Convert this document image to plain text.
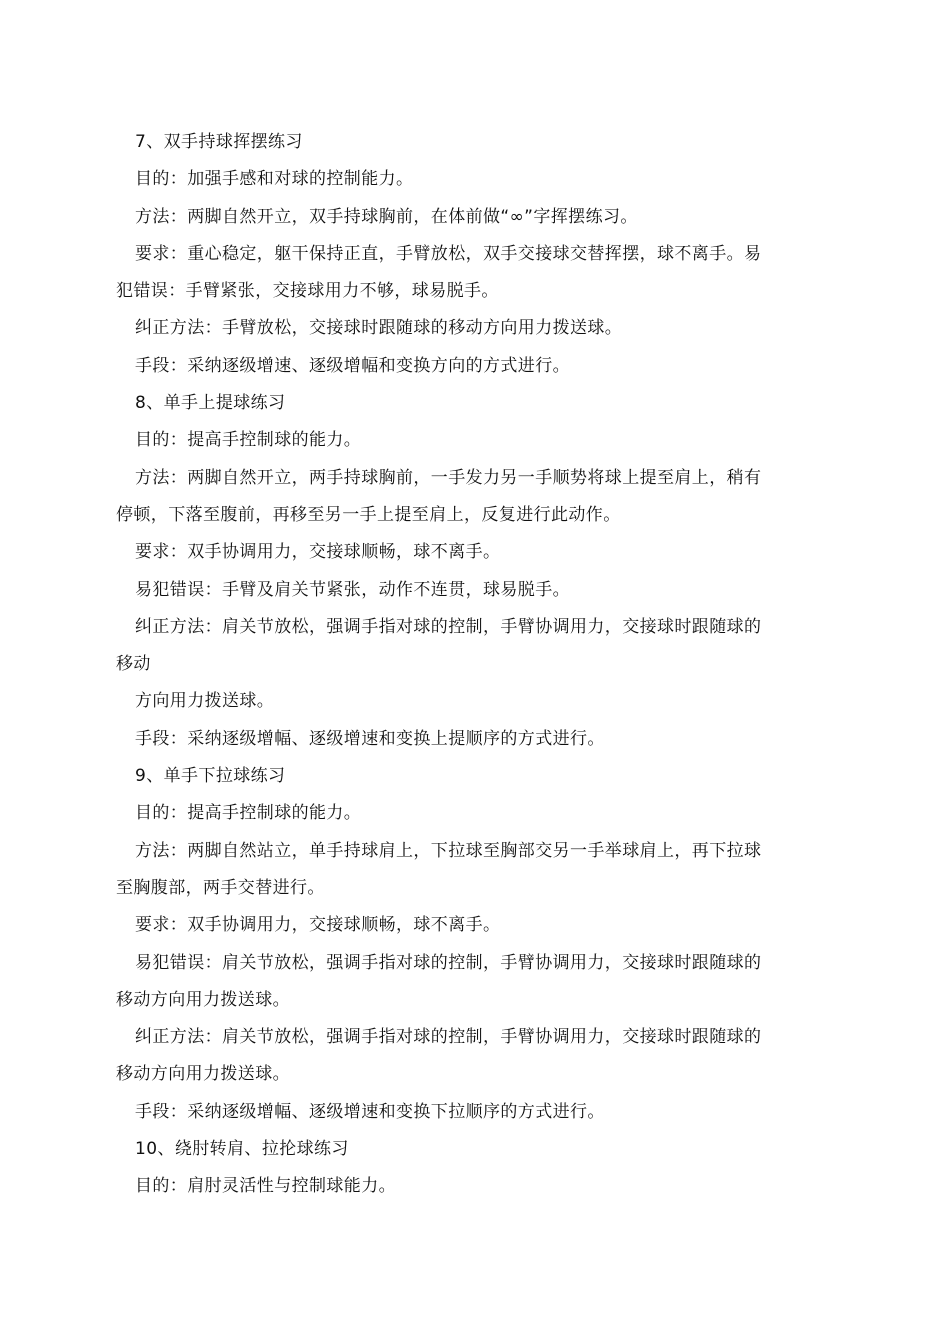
7、双手持球挥摆练习
目的：加强手感和对球的控制能力。
方法：两脚自然开立，双手持球胸前，在体前做“∞”字挥摆练习。
要求：重心稳定，躯干保持正直，手臂放松，双手交接球交替挥摆，球不离手。易
犯错误：手臂紧张，交接球用力不够，球易脱手。
纠正方法：手臂放松，交接球时跟随球的移动方向用力拨送球。
手段：采纳逐级增速、逐级增幅和变换方向的方式进行。
8、单手上提球练习
目的：提高手控制球的能力。
方法：两脚自然开立，两手持球胸前，一手发力另一手顺势将球上提至肩上，稍有
停顿，下落至腹前，再移至另一手上提至肩上，反复进行此动作。
要求：双手协调用力，交接球顺畅，球不离手。
易犯错误：手臂及肩关节紧张，动作不连贯，球易脱手。
纠正方法：肩关节放松，强调手指对球的控制，手臂协调用力，交接球时跟随球的
移动
方向用力拨送球。
手段：采纳逐级增幅、逐级增速和变换上提顺序的方式进行。
9、单手下拉球练习
目的：提高手控制球的能力。
方法：两脚自然站立，单手持球肩上，下拉球至胸部交另一手举球肩上，再下拉球
至胸腹部，两手交替进行。
要求：双手协调用力，交接球顺畅，球不离手。
易犯错误：肩关节放松，强调手指对球的控制，手臂协调用力，交接球时跟随球的
移动方向用力拨送球。
纠正方法：肩关节放松，强调手指对球的控制，手臂协调用力，交接球时跟随球的
移动方向用力拨送球。
手段：采纳逐级增幅、逐级增速和变换下拉顺序的方式进行。
10、绕肘转肩、拉抡球练习
目的：肩肘灵活性与控制球能力。
